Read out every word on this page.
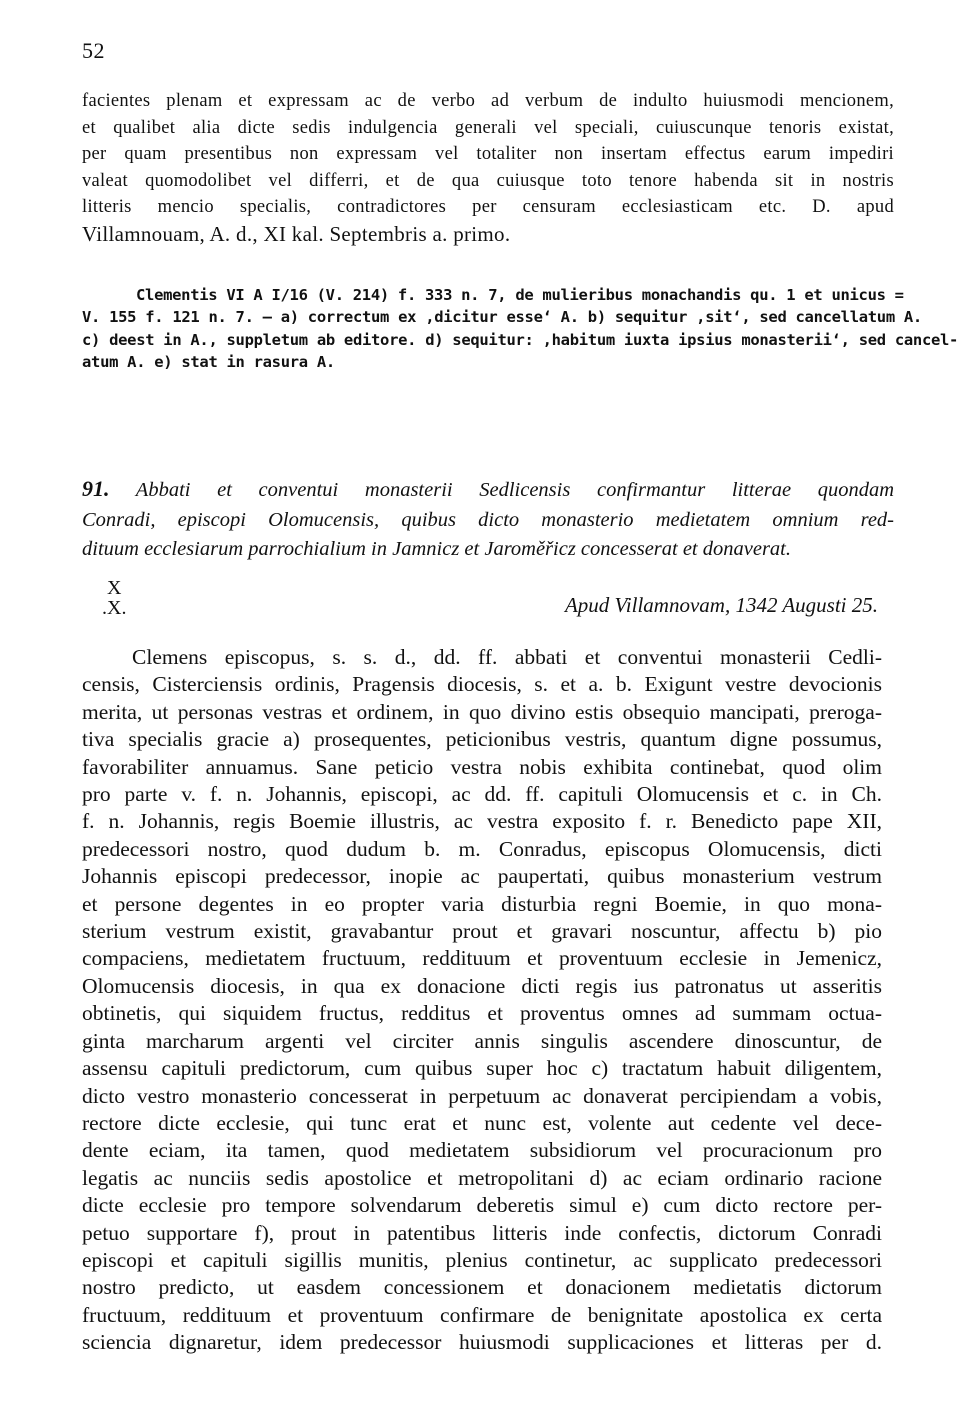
52
facientes plenam et expressam ac de verbo ad verbum de indulto huiusmodi mencionem,
et qualibet alia dicte sedis indulgencia generali vel speciali, cuiuscunque tenoris existat,
per quam presentibus non expressam vel totaliter non insertam effectus earum impediri
valeat quomodolibet vel differri, et de qua cuiusque toto tenore habenda sit in nostris
litteris mencio specialis, contradictores per censuram ecclesiasticam etc. D. apud
Villamnouam, A. d., XI kal. Septembris a. primo.
Clementis VI A I/16 (V. 214) f. 333 n. 7, de mulieribus monachandis qu. 1 et unicus =
V. 155 f. 121 n. 7. — a) correctum ex ‚dicitur esse‘ A. b) sequitur ‚sit‘, sed cancellatum A.
c) deest in A., suppletum ab editore. d) sequitur: ‚habitum iuxta ipsius monasterii‘, sed cancel-
atum A. e) stat in rasura A.
91. Abbati et conventui monasterii Sedlicensis confirmantur litterae quondam
Conradi, episcopi Olomucensis, quibus dicto monasterio medietatem omnium red-
dituum ecclesiarum parrochialium in Jamnicz et Jaroměřicz concesserat et donaverat.
X
.X.	Apud Villamnovam, 1342 Augusti 25.
Clemens episcopus, s. s. d., dd. ff. abbati et conventui monasterii Cedli-
censis, Cisterciensis ordinis, Pragensis diocesis, s. et a. b. Exigunt vestre devocionis
merita, ut personas vestras et ordinem, in quo divino estis obsequio mancipati, preroga-
tiva specialis gracie a) prosequentes, peticionibus vestris, quantum digne possumus,
favorabiliter annuamus. Sane peticio vestra nobis exhibita continebat, quod olim
pro parte v. f. n. Johannis, episcopi, ac dd. ff. capituli Olomucensis et c. in Ch.
f. n. Johannis, regis Boemie illustris, ac vestra exposito f. r. Benedicto pape XII,
predecessori nostro, quod dudum b. m. Conradus, episcopus Olomucensis, dicti
Johannis episcopi predecessor, inopie ac paupertati, quibus monasterium vestrum
et persone degentes in eo propter varia disturbia regni Boemie, in quo mona-
sterium vestrum existit, gravabantur prout et gravari noscuntur, affectu b) pio
compaciens, medietatem fructuum, reddituum et proventuum ecclesie in Jemenicz,
Olomucensis diocesis, in qua ex donacione dicti regis ius patronatus ut asseritis
obtinetis, qui siquidem fructus, redditus et proventus omnes ad summam octua-
ginta marcharum argenti vel circiter annis singulis ascendere dinoscuntur, de
assensu capituli predictorum, cum quibus super hoc c) tractatum habuit diligentem,
dicto vestro monasterio concesserat in perpetuum ac donaverat percipiendam a vobis,
rectore dicte ecclesie, qui tunc erat et nunc est, volente aut cedente vel dece-
dente eciam, ita tamen, quod medietatem subsidiorum vel procuracionum pro
legatis ac nunciis sedis apostolice et metropolitani d) ac eciam ordinario racione
dicte ecclesie pro tempore solvendarum deberetis simul e) cum dicto rectore per-
petuo supportare f), prout in patentibus litteris inde confectis, dictorum Conradi
episcopi et capituli sigillis munitis, plenius continetur, ac supplicato predecessori
nostro predicto, ut easdem concessionem et donacionem medietatis dictorum
fructuum, reddituum et proventuum confirmare de benignitate apostolica ex certa
sciencia dignaretur, idem predecessor huiusmodi supplicaciones et litteras per d.
